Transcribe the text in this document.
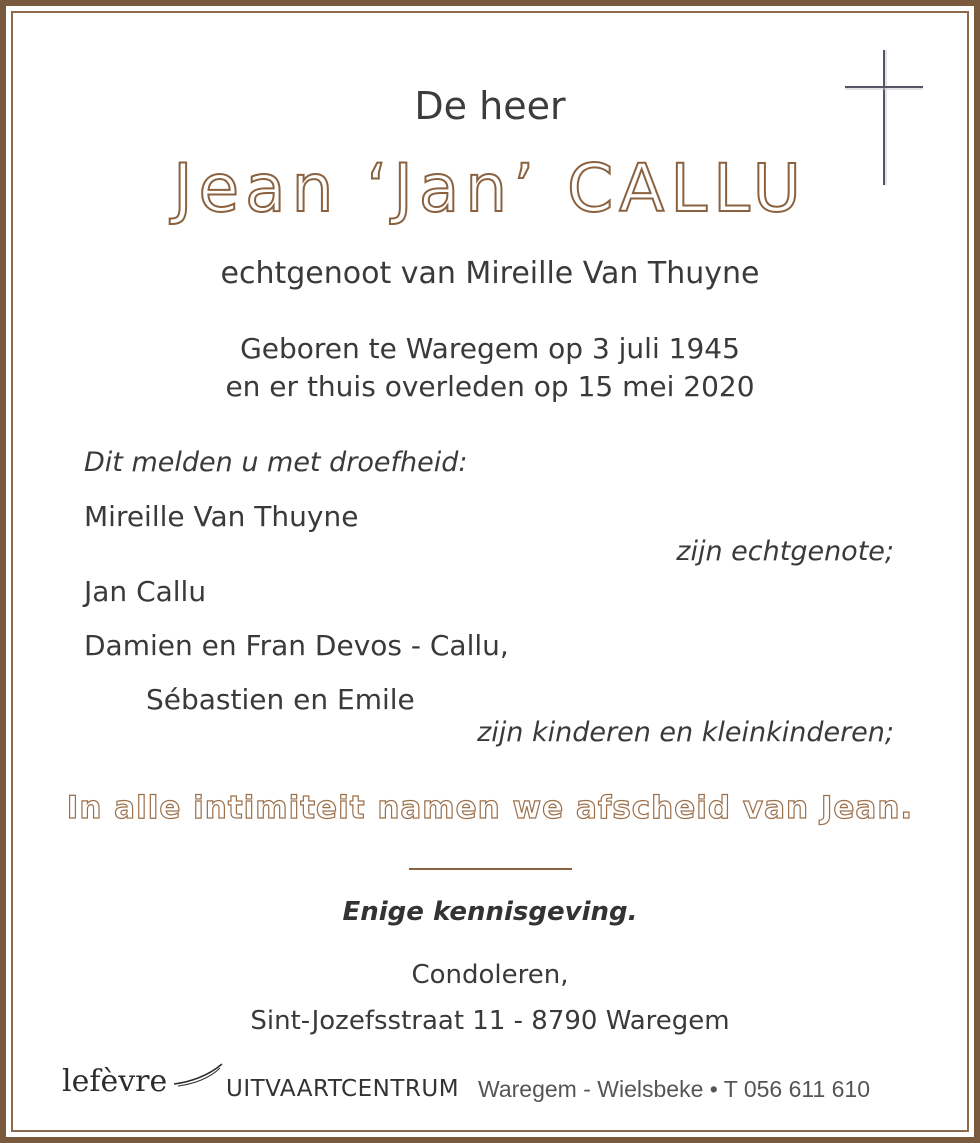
De heer
Jean ‘Jan’ CALLU
echtgenoot van Mireille Van Thuyne
Geboren te Waregem op 3 juli 1945
en er thuis overleden op 15 mei 2020
Dit melden u met droefheid:
Mireille Van Thuyne
zijn echtgenote;
Jan Callu
Damien en Fran Devos - Callu,
Sébastien en Emile
zijn kinderen en kleinkinderen;
In alle intimiteit namen we afscheid van Jean.
Enige kennisgeving.
Condoleren,
Sint-Jozefsstraat 11 - 8790 Waregem
lefèvre	UITVAARTCENTRUM Waregem - Wielsbeke • T 056 611 610
